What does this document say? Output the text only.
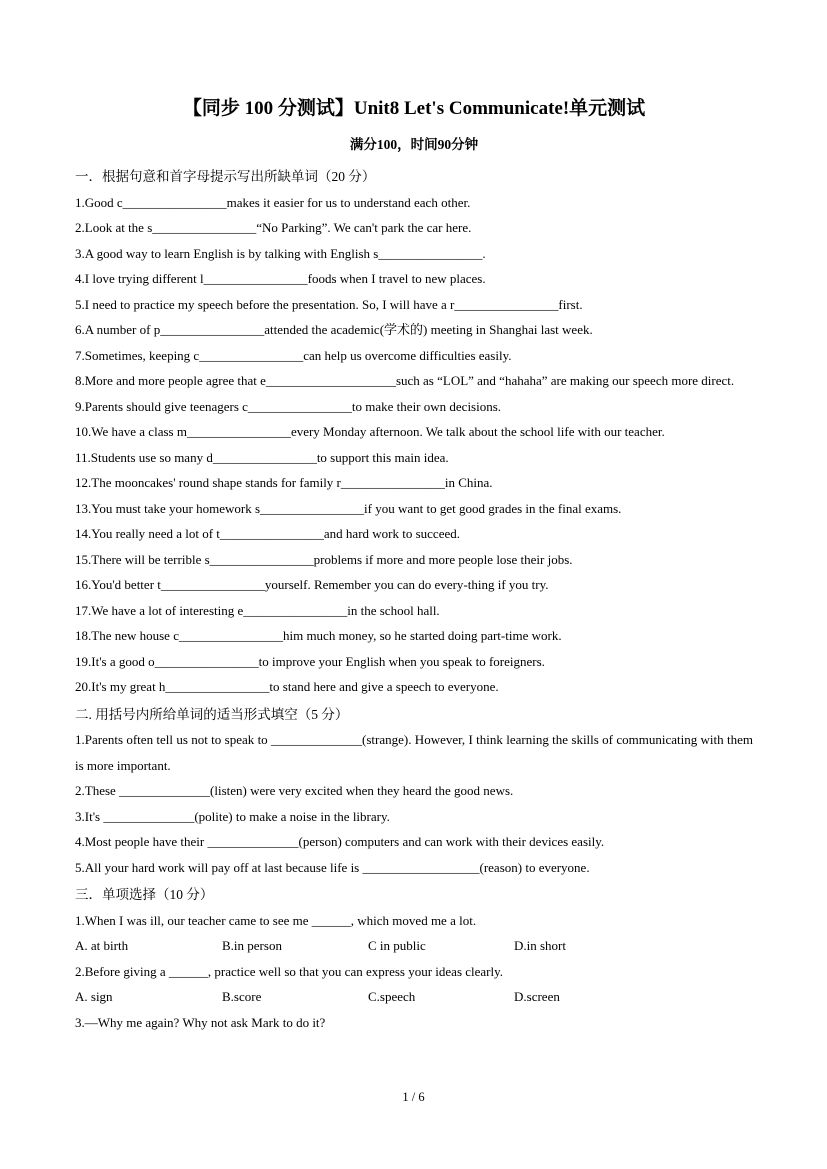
【同步 100 分测试】Unit8 Let's Communicate!单元测试
满分100，时间90分钟
一．根据句意和首字母提示写出所缺单词（20 分）

1.Good c________________makes it easier for us to understand each other.

2.Look at the s________________“No Parking”. We can't park the car here.

3.A good way to learn English is by talking with English s________________.

4.I love trying different l________________foods when I travel to new places.

5.I need to practice my speech before the presentation. So, I will have a r________________first.

6.A number of p________________attended the academic(学术的) meeting in Shanghai last week.

7.Sometimes, keeping c________________can help us overcome difficulties easily.

8.More and more people agree that e____________________such as “LOL” and “hahaha” are making our speech more direct.

9.Parents should give teenagers c________________to make their own decisions.

10.We have a class m________________every Monday afternoon. We talk about the school life with our teacher.

11.Students use so many d________________to support this main idea.

12.The mooncakes' round shape stands for family r________________in China.

13.You must take your homework s________________if you want to get good grades in the final exams.

14.You really need a lot of t________________and hard work to succeed.

15.There will be terrible s________________problems if more and more people lose their jobs.

16.You'd better t________________yourself. Remember you can do every-thing if you try.

17.We have a lot of interesting e________________in the school hall.

18.The new house c________________him much money, so he started doing part-time work.

19.It's a good o________________to improve your English when you speak to foreigners.

20.It's my great h________________to stand here and give a speech to everyone.

二. 用括号内所给单词的适当形式填空（5 分）

1.Parents often tell us not to speak to ______________(strange). However, I think learning the skills of communicating with them is more important.

2.These ______________(listen) were very excited when they heard the good news.

3.It's ______________(polite) to make a noise in the library.

4.Most people have their ______________(person) computers and can work with their devices easily.

5.All your hard work will pay off at last because life is __________________(reason) to everyone.

三．单项选择（10 分）

1.When I was ill, our teacher came to see me ______, which moved me a lot.

A. at birth	B.in person	C in public	D.in short

2.Before giving a ______, practice well so that you can express your ideas clearly.

A. sign	B.score	C.speech	D.screen

3.—Why me again? Why not ask Mark to do it?

1 / 6
